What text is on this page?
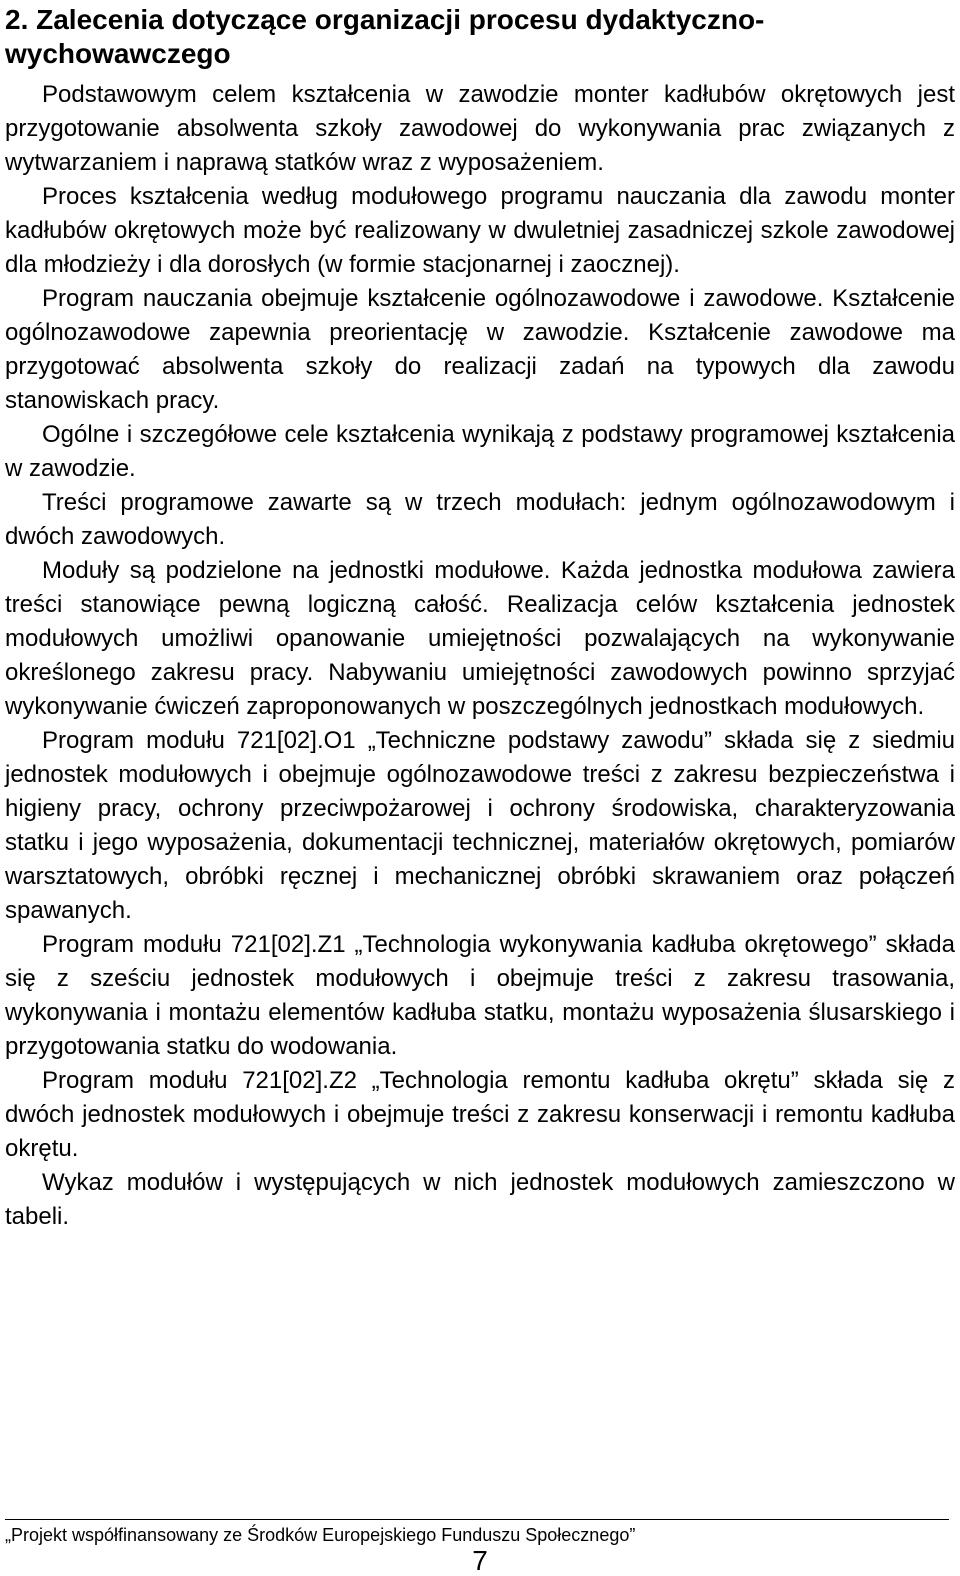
2. Zalecenia dotyczące organizacji procesu dydaktyczno-wychowawczego

Podstawowym celem kształcenia w zawodzie monter kadłubów okrętowych jest przygotowanie absolwenta szkoły zawodowej do wykonywania prac związanych z wytwarzaniem i naprawą statków wraz z wyposażeniem.

Proces kształcenia według modułowego programu nauczania dla zawodu monter kadłubów okrętowych może być realizowany w dwuletniej zasadniczej szkole zawodowej dla młodzieży i dla dorosłych (w formie stacjonarnej i zaocznej).

Program nauczania obejmuje kształcenie ogólnozawodowe i zawodowe. Kształcenie ogólnozawodowe zapewnia preorientację w zawodzie. Kształcenie zawodowe ma przygotować absolwenta szkoły do realizacji zadań na typowych dla zawodu stanowiskach pracy.

Ogólne i szczegółowe cele kształcenia wynikają z podstawy programowej kształcenia w zawodzie.

Treści programowe zawarte są w trzech modułach: jednym ogólnozawodowym i dwóch zawodowych.

Moduły są podzielone na jednostki modułowe. Każda jednostka modułowa zawiera treści stanowiące pewną logiczną całość. Realizacja celów kształcenia jednostek modułowych umożliwi opanowanie umiejętności pozwalających na wykonywanie określonego zakresu pracy. Nabywaniu umiejętności zawodowych powinno sprzyjać wykonywanie ćwiczeń zaproponowanych w poszczególnych jednostkach modułowych.

Program modułu 721[02].O1 „Techniczne podstawy zawodu” składa się z siedmiu jednostek modułowych i obejmuje ogólnozawodowe treści z zakresu bezpieczeństwa i higieny pracy, ochrony przeciwpożarowej i ochrony środowiska, charakteryzowania statku i jego wyposażenia, dokumentacji technicznej, materiałów okrętowych, pomiarów warsztatowych, obróbki ręcznej i mechanicznej obróbki skrawaniem oraz połączeń spawanych.

Program modułu 721[02].Z1 „Technologia wykonywania kadłuba okrętowego” składa się z sześciu jednostek modułowych i obejmuje treści z zakresu trasowania, wykonywania i montażu elementów kadłuba statku, montażu wyposażenia ślusarskiego i przygotowania statku do wodowania.

Program modułu 721[02].Z2 „Technologia remontu kadłuba okrętu” składa się z dwóch jednostek modułowych i obejmuje treści z zakresu konserwacji i remontu kadłuba okrętu.

Wykaz modułów i występujących w nich jednostek modułowych zamieszczono w tabeli.

„Projekt współfinansowany ze Środków Europejskiego Funduszu Społecznego”
7
